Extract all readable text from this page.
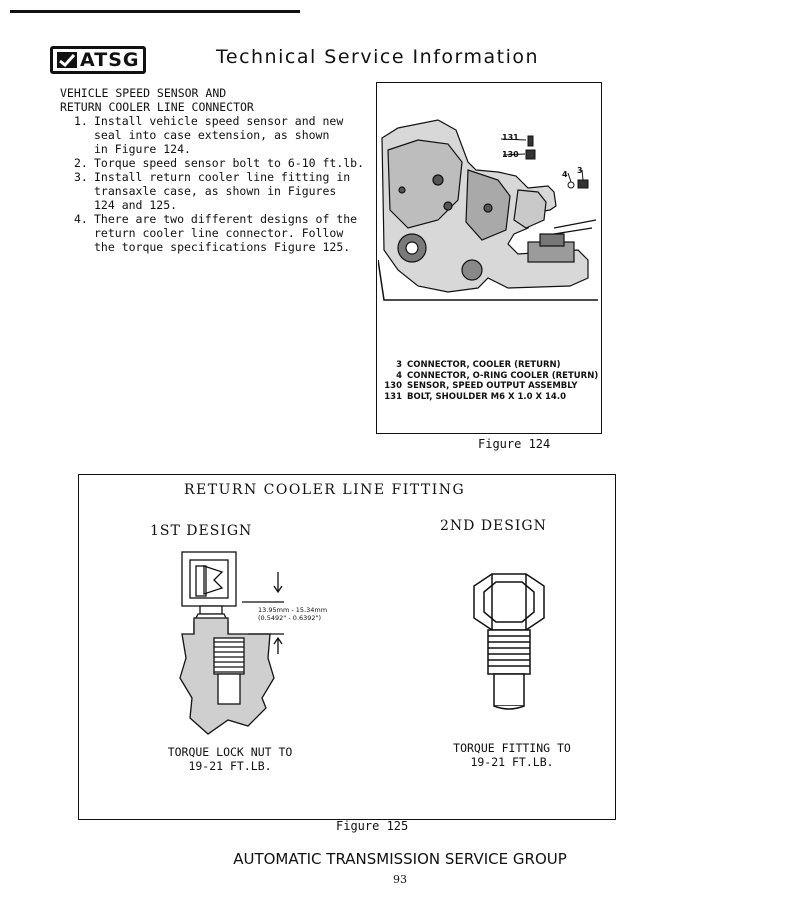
ATSG	Technical Service Information
VEHICLE SPEED SENSOR AND
RETURN COOLER LINE CONNECTOR
1. Install vehicle speed sensor and new
seal into case extension, as shown
in Figure 124.
2. Torque speed sensor bolt to 6-10 ft.lb.
3. Install return cooler line fitting in
transaxle case, as shown in Figures
124 and 125.
4. There are two different designs of the
return cooler line connector. Follow
the torque specifications Figure 125.
131
130
4 3
3 CONNECTOR, COOLER (RETURN)
4 CONNECTOR, O-RING COOLER (RETURN)
130 SENSOR, SPEED OUTPUT ASSEMBLY
131 BOLT, SHOULDER M6 X 1.0 X 14.0
Figure 124
RETURN COOLER LINE FITTING
1ST DESIGN	2ND DESIGN
13.95mm - 15.34mm
(0.5492" - 0.6392")
TORQUE LOCK NUT TO
19-21 FT.LB.
TORQUE FITTING TO
19-21 FT.LB.
Figure 125
AUTOMATIC TRANSMISSION SERVICE GROUP
93
